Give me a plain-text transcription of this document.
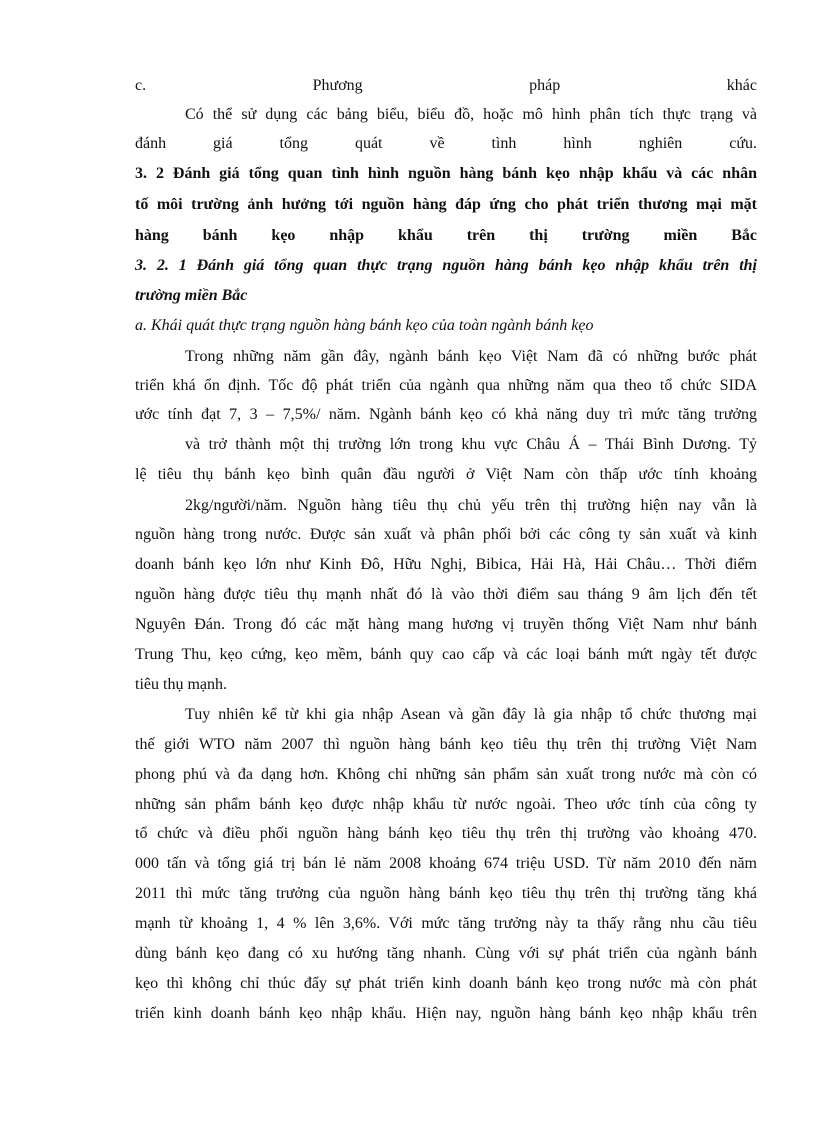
c. Phương pháp khác
Có thể sử dụng các bảng biểu, biểu đồ, hoặc mô hình phân tích thực trạng và
đánh giá tổng quát về tình hình nghiên cứu.
3. 2 Đánh giá tổng quan tình hình nguồn hàng bánh kẹo nhập khẩu và các nhân
tố môi trường ảnh hưởng tới nguồn hàng đáp ứng cho phát triển thương mại mặt
hàng bánh kẹo nhập khẩu trên thị trường miền Bắc
3. 2. 1 Đánh giá tổng quan thực trạng nguồn hàng bánh kẹo nhập khẩu trên thị
trường miền Bắc
a. Khái quát thực trạng nguồn hàng bánh kẹo của toàn ngành bánh kẹo
Trong những năm gần đây, ngành bánh kẹo Việt Nam đã có những bước phát
triển khá ổn định. Tốc độ phát triển của ngành qua những năm qua theo tổ chức SIDA
ước tính đạt 7, 3 – 7,5%/ năm. Ngành bánh kẹo có khả năng duy trì mức tăng trưởng
và trở thành một thị trường lớn trong khu vực Châu Á – Thái Bình Dương. Tỷ
lệ tiêu thụ bánh kẹo bình quân đầu người ở Việt Nam còn thấp ước tính khoảng
2kg/người/năm. Nguồn hàng tiêu thụ chủ yếu trên thị trường hiện nay vẫn là
nguồn hàng trong nước. Được sản xuất và phân phối bởi các công ty sản xuất và kinh
doanh bánh kẹo lớn như Kinh Đô, Hữu Nghị, Bibica, Hải Hà, Hải Châu… Thời điểm
nguồn hàng được tiêu thụ mạnh nhất đó là vào thời điểm sau tháng 9 âm lịch đến tết
Nguyên Đán. Trong đó các mặt hàng mang hương vị truyền thống Việt Nam như bánh
Trung Thu, kẹo cứng, kẹo mềm, bánh quy cao cấp và các loại bánh mứt ngày tết được
tiêu thụ mạnh.
Tuy nhiên kể từ khi gia nhập Asean và gần đây là gia nhập tổ chức thương mại
thế giới WTO năm 2007 thì nguồn hàng bánh kẹo tiêu thụ trên thị trường Việt Nam
phong phú và đa dạng hơn. Không chỉ những sản phẩm sản xuất trong nước mà còn có
những sản phẩm bánh kẹo được nhập khẩu từ nước ngoài. Theo ước tính của công ty
tổ chức và điều phối nguồn hàng bánh kẹo tiêu thụ trên thị trường vào khoảng 470.
000 tấn và tổng giá trị bán lẻ năm 2008 khoảng 674 triệu USD. Từ năm 2010 đến năm
2011 thì mức tăng trưởng của nguồn hàng bánh kẹo tiêu thụ trên thị trường tăng khá
mạnh từ khoảng 1, 4 % lên 3,6%. Với mức tăng trưởng này ta thấy rằng nhu cầu tiêu
dùng bánh kẹo đang có xu hướng tăng nhanh. Cùng với sự phát triển của ngành bánh
kẹo thì không chỉ thúc đẩy sự phát triển kinh doanh bánh kẹo trong nước mà còn phát
triển kinh doanh bánh kẹo nhập khẩu. Hiện nay, nguồn hàng bánh kẹo nhập khẩu trên
